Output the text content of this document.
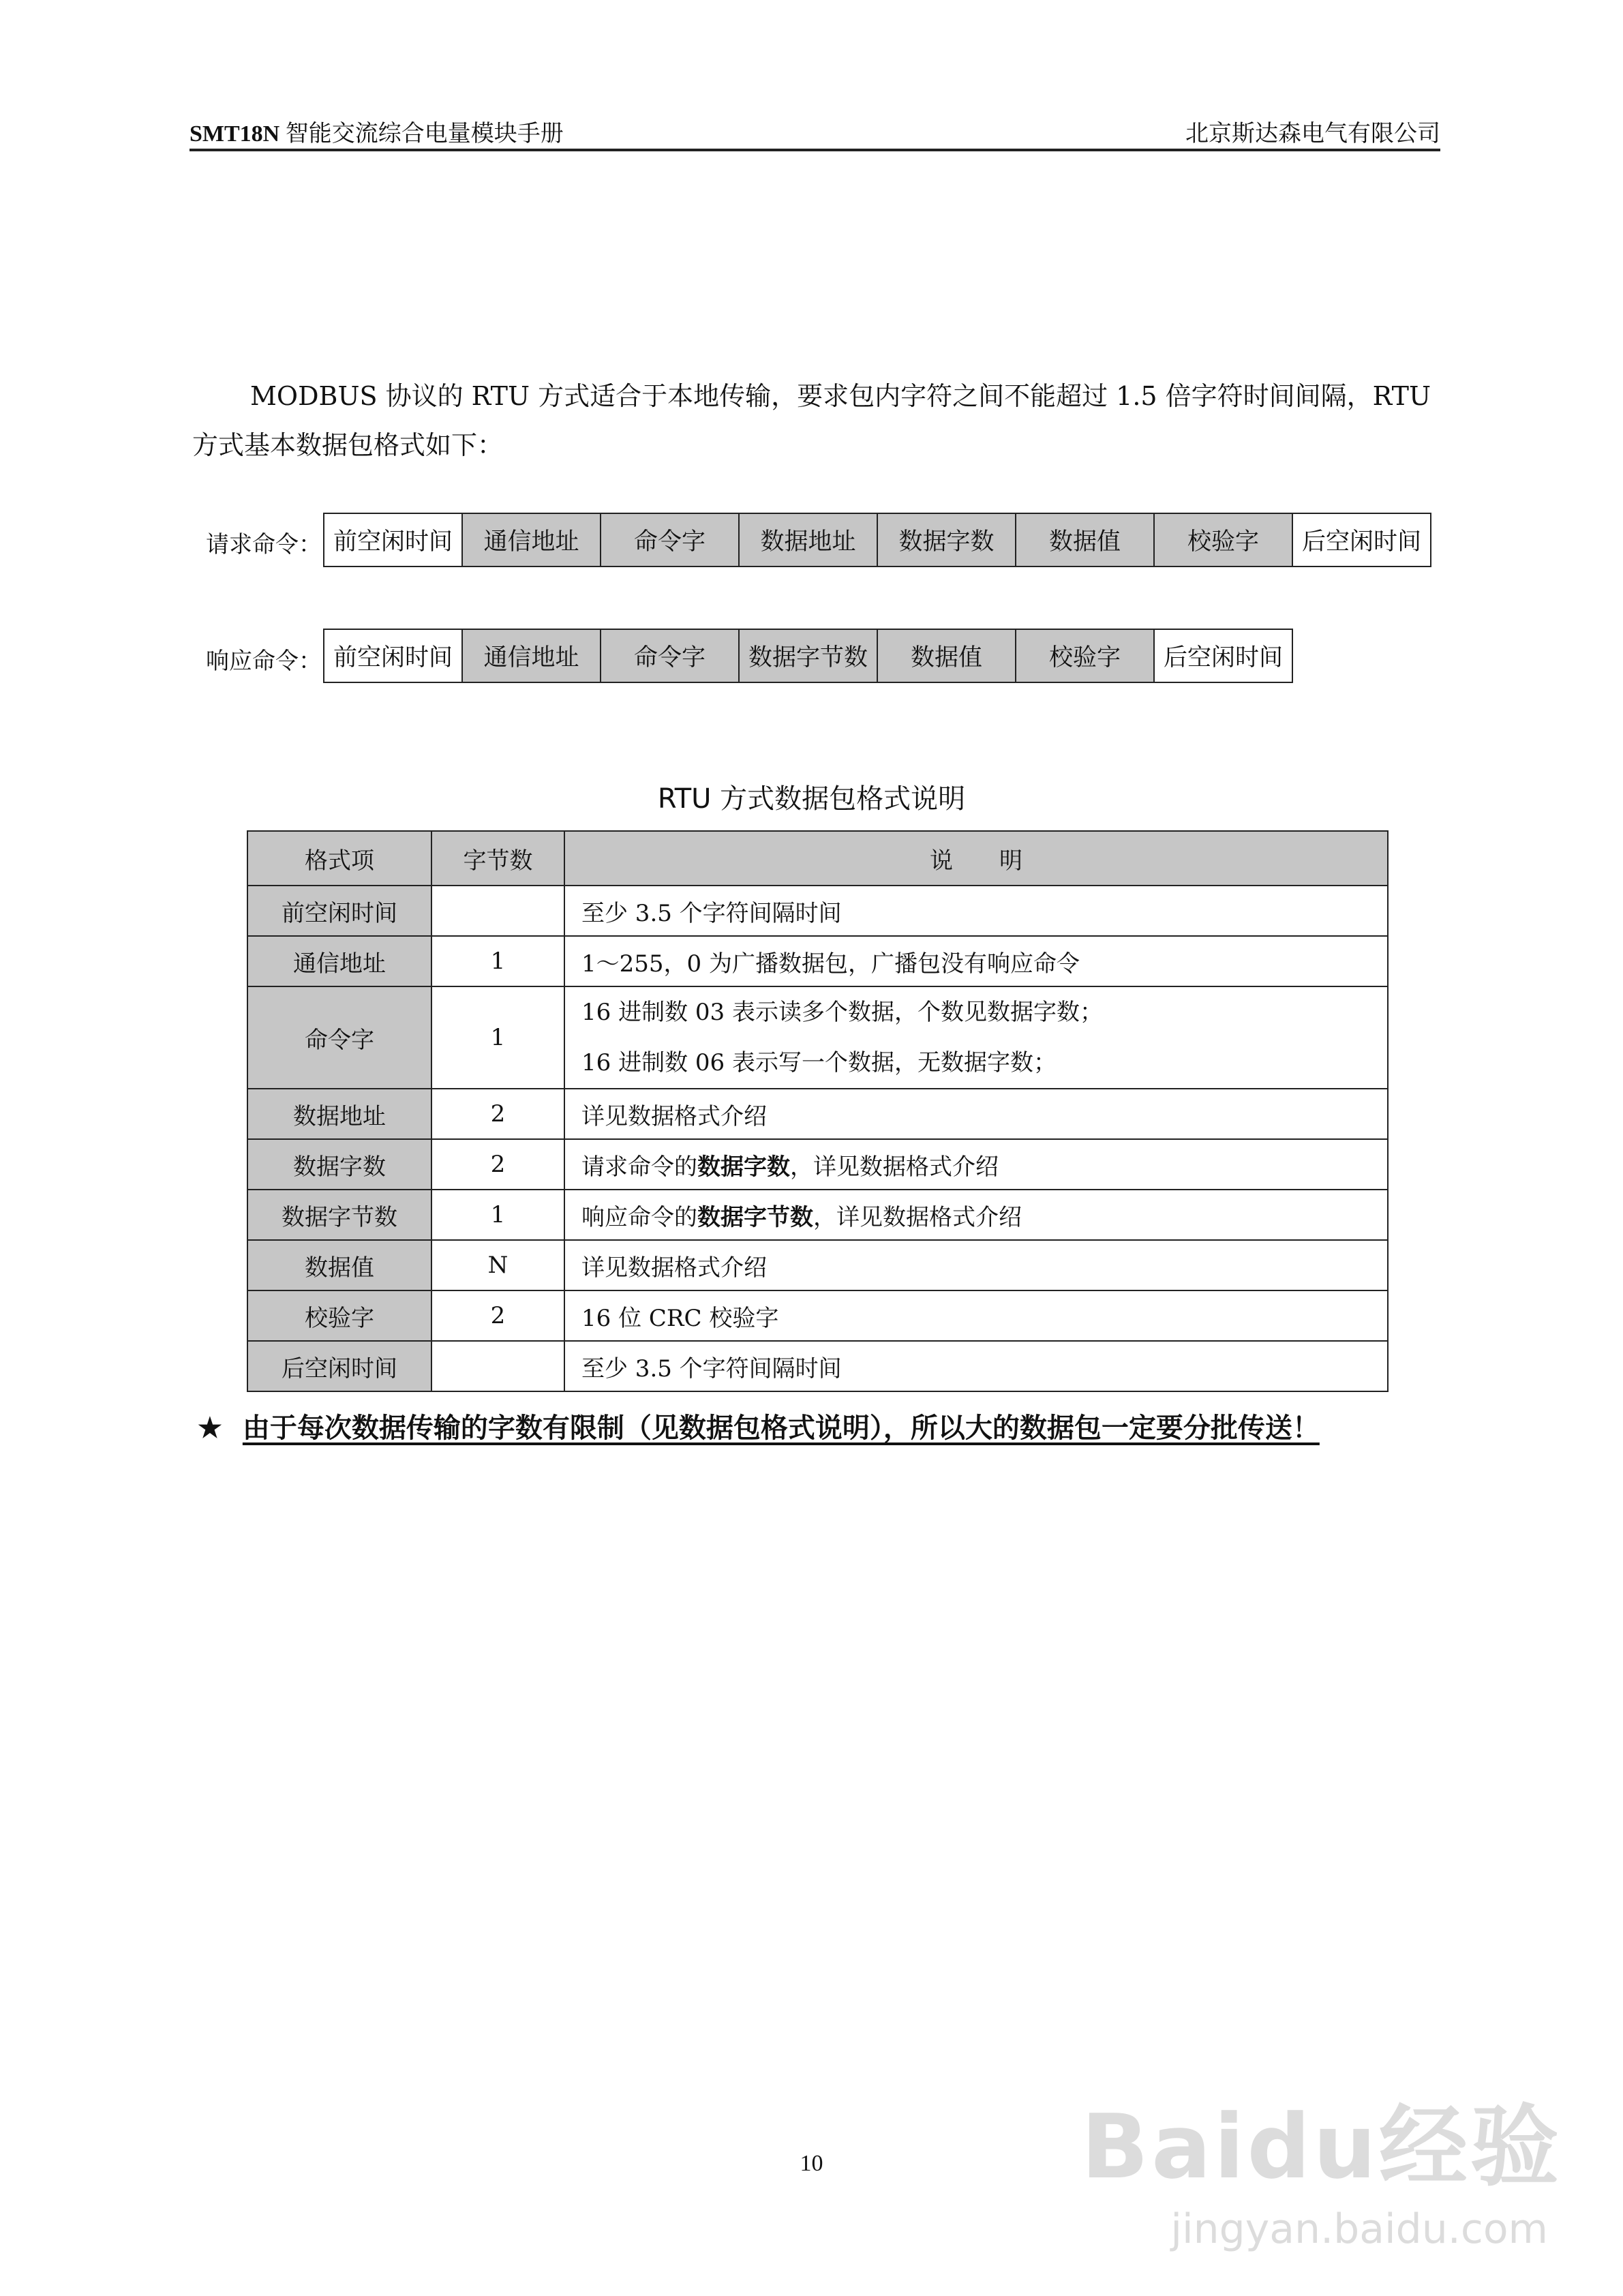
SMT18N 智能交流综合电量模块手册	北京斯达森电气有限公司
MODBUS 协议的 RTU 方式适合于本地传输，要求包内字符之间不能超过 1.5 倍字符时间间隔，RTU
方式基本数据包格式如下：
请求命令： 前空闲时间	通信地址	命令字	数据地址	数据字数	数据值	校验字	后空闲时间
响应命令： 前空闲时间	通信地址	命令字	数据字节数	数据值	校验字	后空闲时间
RTU 方式数据包格式说明
格式项	字节数	说　　明
前空闲时间		至少 3.5 个字符间隔时间
通信地址	1	1～255，0 为广播数据包，广播包没有响应命令
命令字	1	16 进制数 03 表示读多个数据，个数见数据字数；
16 进制数 06 表示写一个数据，无数据字数；

数据地址	2	详见数据格式介绍
数据字数	2	请求命令的数据字数，详见数据格式介绍
数据字节数	1	响应命令的数据字节数，详见数据格式介绍
数据值	N	详见数据格式介绍
校验字	2	16 位 CRC 校验字
后空闲时间		至少 3.5 个字符间隔时间
★ 由于每次数据传输的字数有限制（见数据包格式说明），所以大的数据包一定要分批传送！
10	Baidu经验
jingyan.baidu.com
